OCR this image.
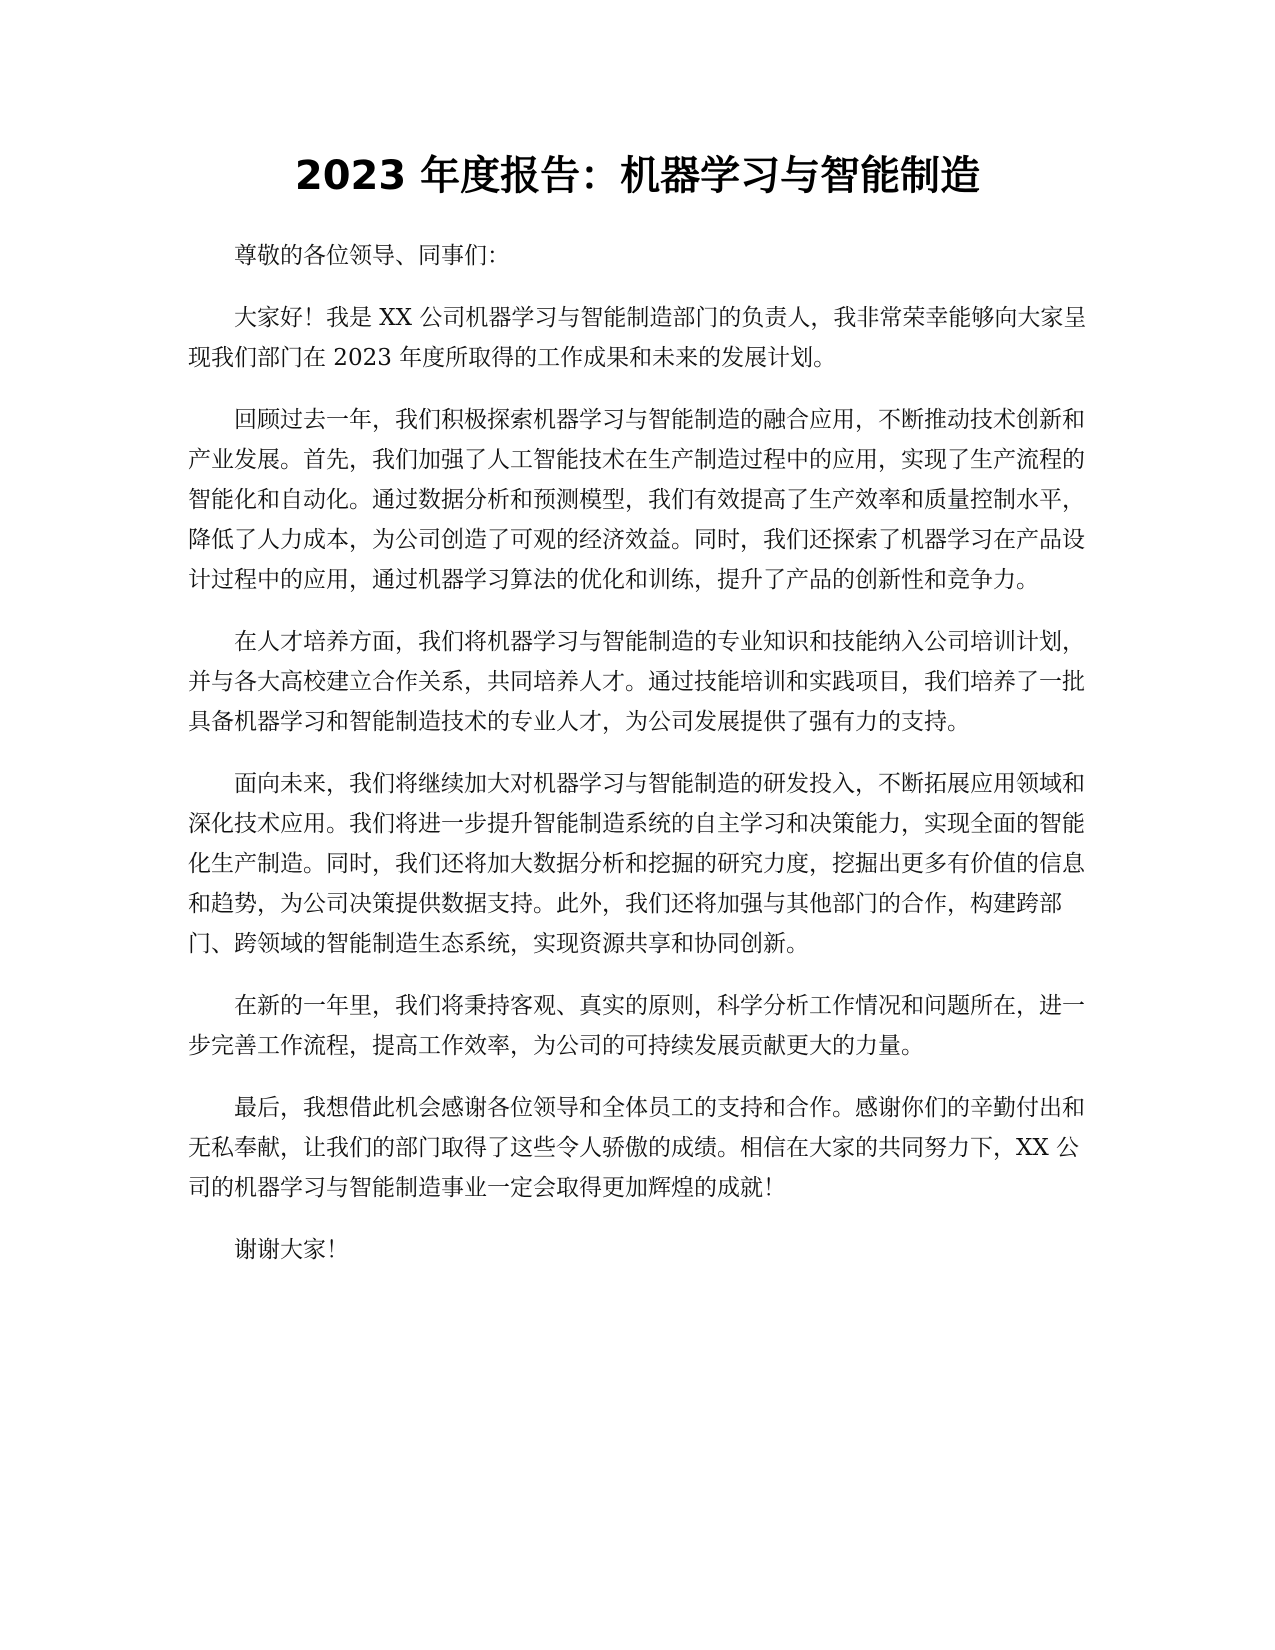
2023 年度报告：机器学习与智能制造

尊敬的各位领导、同事们：

大家好！我是 XX 公司机器学习与智能制造部门的负责人，我非常荣幸能够向大家呈现我们部门在 2023 年度所取得的工作成果和未来的发展计划。

回顾过去一年，我们积极探索机器学习与智能制造的融合应用，不断推动技术创新和产业发展。首先，我们加强了人工智能技术在生产制造过程中的应用，实现了生产流程的智能化和自动化。通过数据分析和预测模型，我们有效提高了生产效率和质量控制水平，降低了人力成本，为公司创造了可观的经济效益。同时，我们还探索了机器学习在产品设计过程中的应用，通过机器学习算法的优化和训练，提升了产品的创新性和竞争力。

在人才培养方面，我们将机器学习与智能制造的专业知识和技能纳入公司培训计划，并与各大高校建立合作关系，共同培养人才。通过技能培训和实践项目，我们培养了一批具备机器学习和智能制造技术的专业人才，为公司发展提供了强有力的支持。

面向未来，我们将继续加大对机器学习与智能制造的研发投入，不断拓展应用领域和深化技术应用。我们将进一步提升智能制造系统的自主学习和决策能力，实现全面的智能化生产制造。同时，我们还将加大数据分析和挖掘的研究力度，挖掘出更多有价值的信息和趋势，为公司决策提供数据支持。此外，我们还将加强与其他部门的合作，构建跨部门、跨领域的智能制造生态系统，实现资源共享和协同创新。

在新的一年里，我们将秉持客观、真实的原则，科学分析工作情况和问题所在，进一步完善工作流程，提高工作效率，为公司的可持续发展贡献更大的力量。

最后，我想借此机会感谢各位领导和全体员工的支持和合作。感谢你们的辛勤付出和无私奉献，让我们的部门取得了这些令人骄傲的成绩。相信在大家的共同努力下，XX 公司的机器学习与智能制造事业一定会取得更加辉煌的成就！

谢谢大家！
